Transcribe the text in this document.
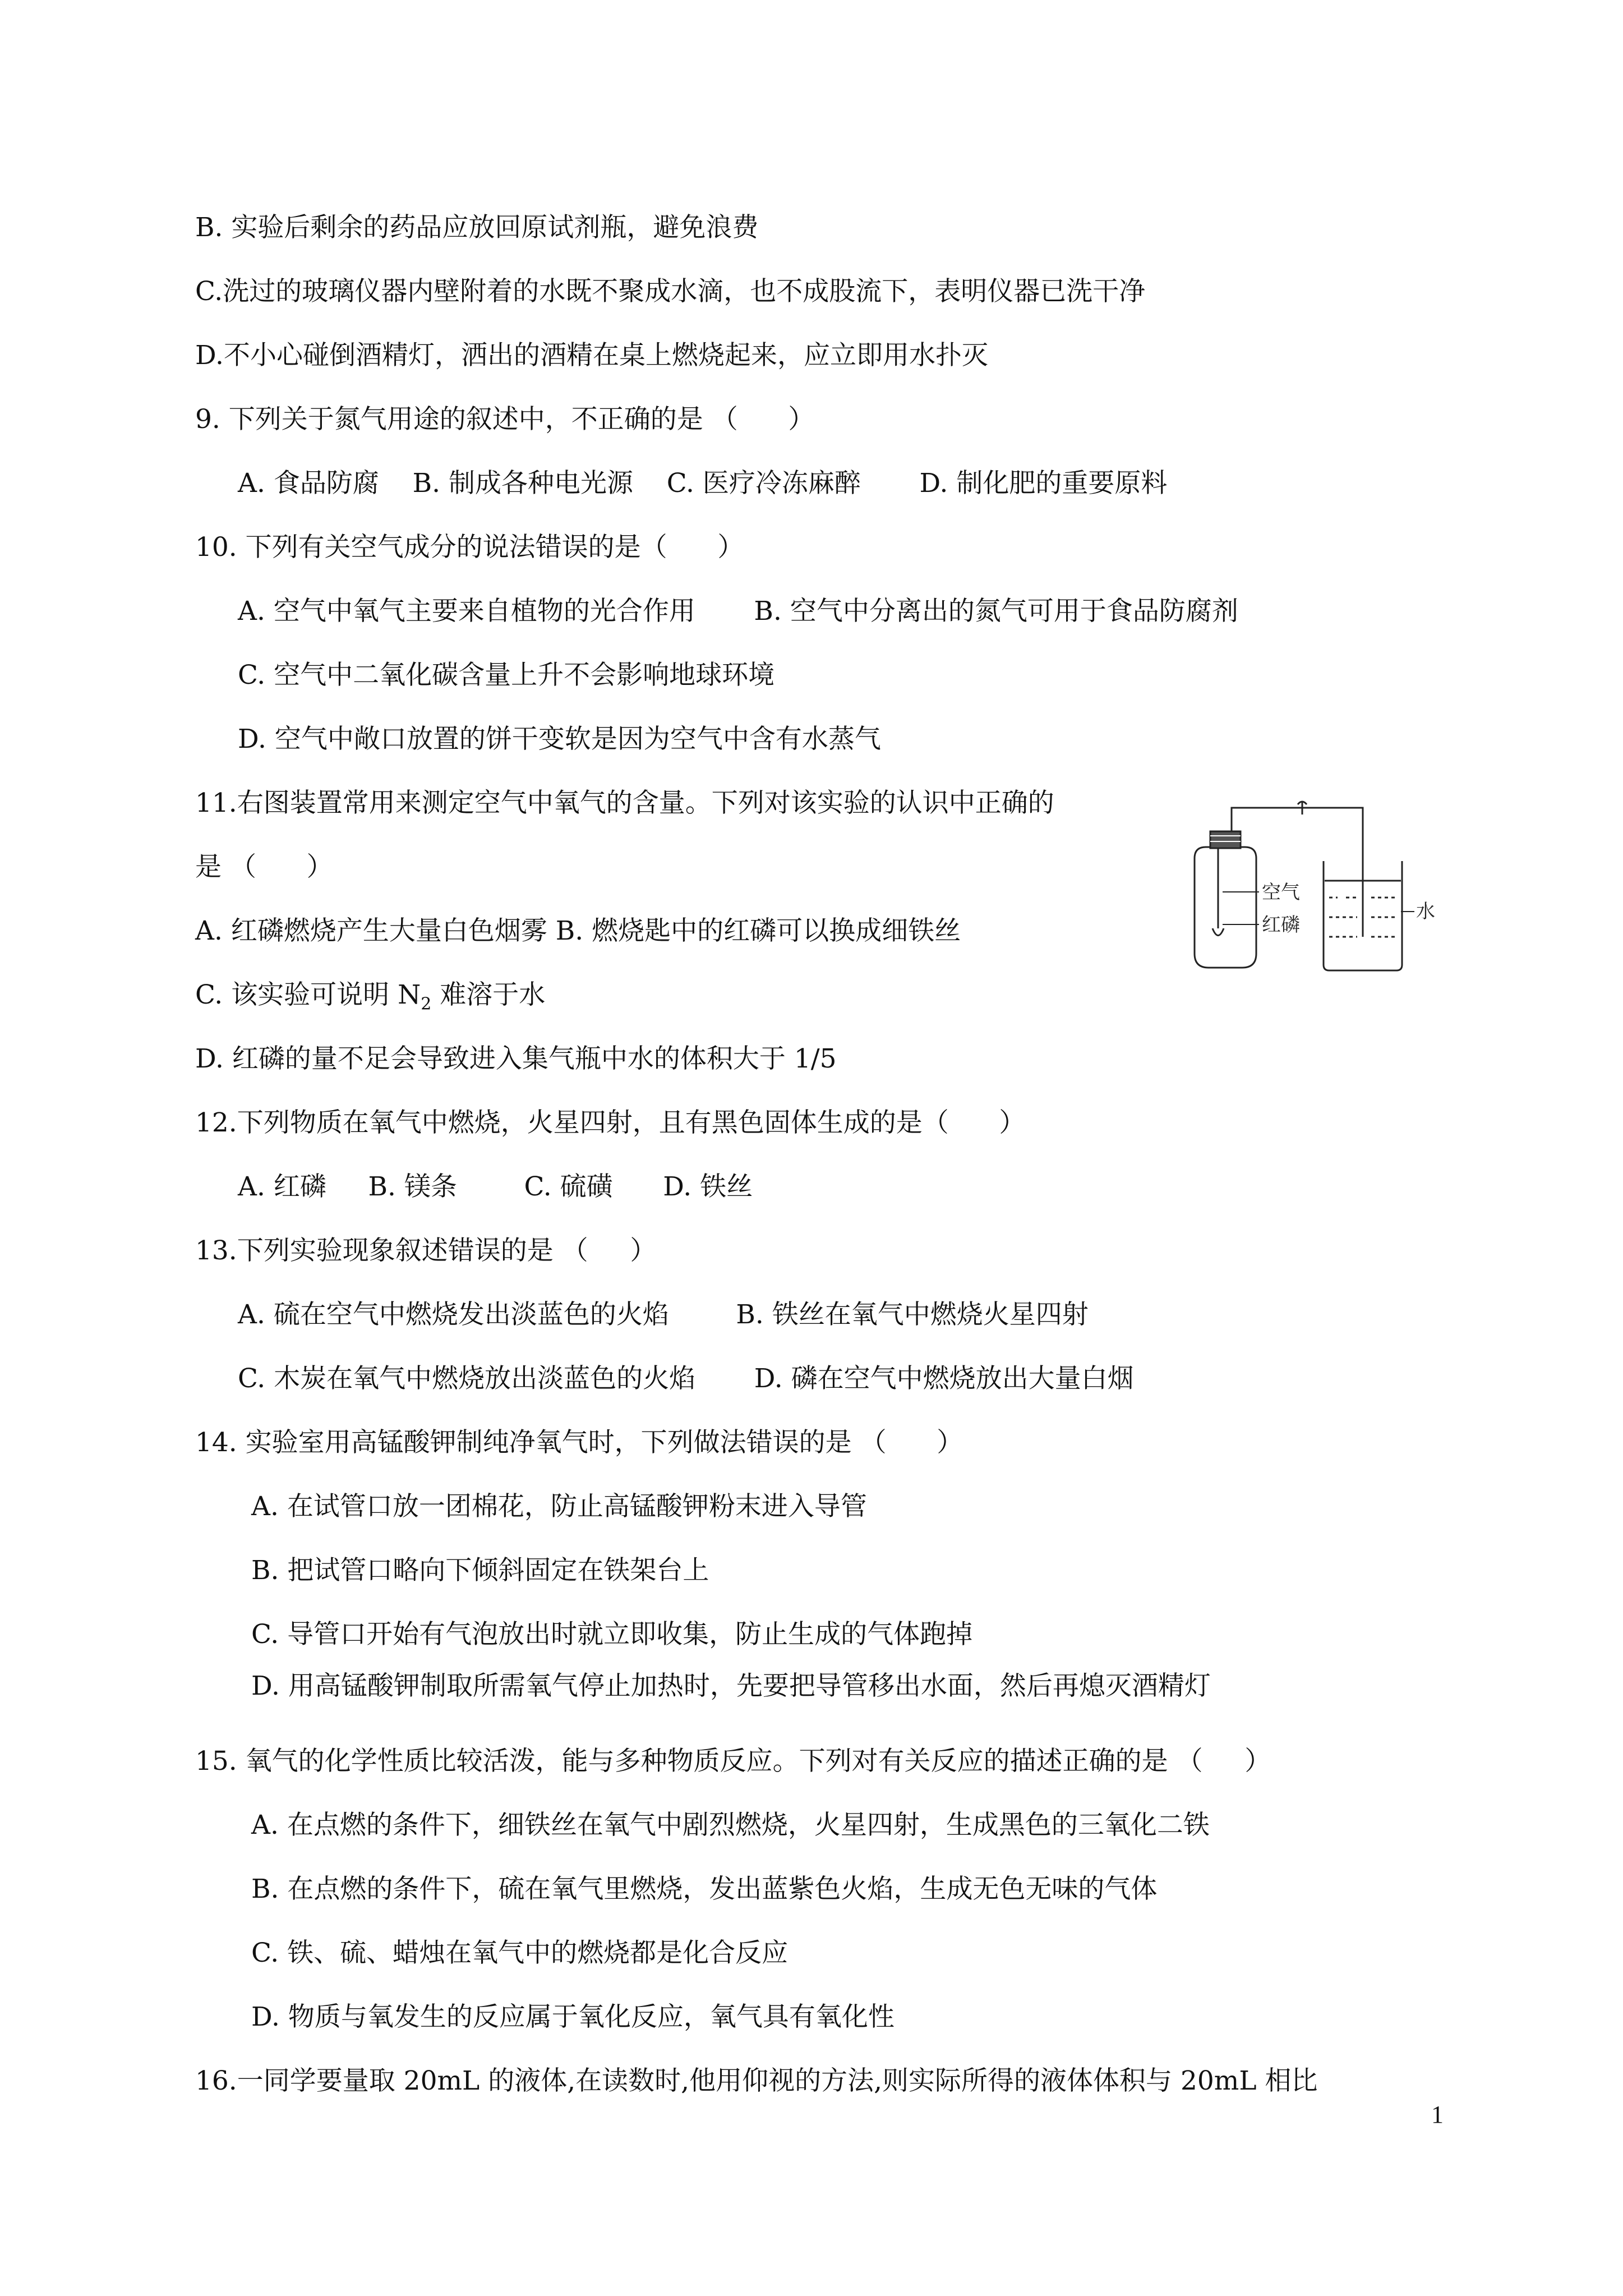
B. 实验后剩余的药品应放回原试剂瓶，避免浪费
C.洗过的玻璃仪器内壁附着的水既不聚成水滴，也不成股流下，表明仪器已洗干净
D.不小心碰倒酒精灯，洒出的酒精在桌上燃烧起来，应立即用水扑灭
9. 下列关于氮气用途的叙述中，不正确的是 （      ）
A. 食品防腐    B. 制成各种电光源    C. 医疗冷冻麻醉       D. 制化肥的重要原料
10. 下列有关空气成分的说法错误的是（      ）
A. 空气中氧气主要来自植物的光合作用       B. 空气中分离出的氮气可用于食品防腐剂
C. 空气中二氧化碳含量上升不会影响地球环境
D. 空气中敞口放置的饼干变软是因为空气中含有水蒸气
11.右图装置常用来测定空气中氧气的含量。下列对该实验的认识中正确的
是 （      ）
A. 红磷燃烧产生大量白色烟雾 B. 燃烧匙中的红磷可以换成细铁丝
C. 该实验可说明 $N_2$ 难溶于水
D. 红磷的量不足会导致进入集气瓶中水的体积大于 1/5
12.下列物质在氧气中燃烧，火星四射，且有黑色固体生成的是（      ）
A. 红磷     B. 镁条        C. 硫磺      D. 铁丝
13.下列实验现象叙述错误的是 （     ）
A. 硫在空气中燃烧发出淡蓝色的火焰        B. 铁丝在氧气中燃烧火星四射
C. 木炭在氧气中燃烧放出淡蓝色的火焰       D. 磷在空气中燃烧放出大量白烟
14. 实验室用高锰酸钾制纯净氧气时，下列做法错误的是 （      ）
A. 在试管口放一团棉花，防止高锰酸钾粉末进入导管
B. 把试管口略向下倾斜固定在铁架台上
C. 导管口开始有气泡放出时就立即收集，防止生成的气体跑掉
D. 用高锰酸钾制取所需氧气停止加热时，先要把导管移出水面，然后再熄灭酒精灯
15. 氧气的化学性质比较活泼，能与多种物质反应。下列对有关反应的描述正确的是 （     ）
A. 在点燃的条件下，细铁丝在氧气中剧烈燃烧，火星四射，生成黑色的三氧化二铁
B. 在点燃的条件下，硫在氧气里燃烧，发出蓝紫色火焰，生成无色无味的气体
C. 铁、硫、蜡烛在氧气中的燃烧都是化合反应
D. 物质与氧发生的反应属于氧化反应，氧气具有氧化性
16.一同学要量取 20mL 的液体,在读数时,他用仰视的方法,则实际所得的液体体积与 20mL 相比
1
空气
红磷
水
